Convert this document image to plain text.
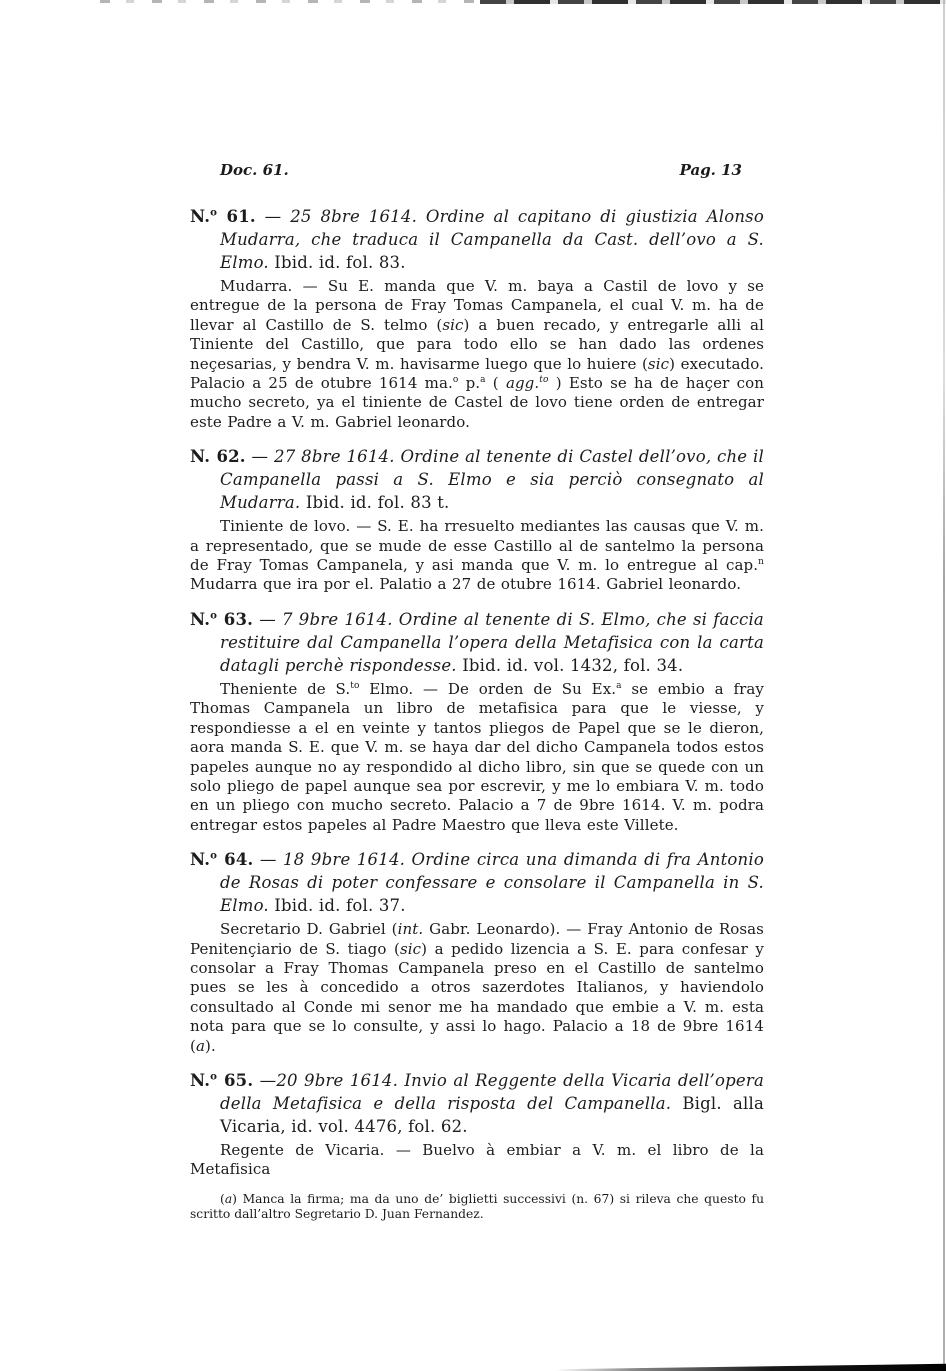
Doc. 61.	Pag. 13

N.$^o$ 61. — 25 8bre 1614. Ordine al capitano di giustizia Alonso Mudarra, che traduca il Campanella da Cast. dell’ovo a S. Elmo. Ibid. id. fol. 83.

Mudarra. — Su E. manda que V. m. baya a Castil de lovo y se entregue de la persona de Fray Tomas Campanela, el cual V. m. ha de llevar al Castillo de S. telmo (sic) a buen recado, y entregarle alli al Tiniente del Castillo, que para todo ello se han dado las ordenes neçesarias, y bendra V. m. havisarme luego que lo huiere (sic) executado. Palacio a 25 de otubre 1614 ma.$^o$ p.$^a$ ( agg.$^{to}$ ) Esto se ha de haçer con mucho secreto, ya el tiniente de Castel de lovo tiene orden de entregar este Padre a V. m. Gabriel leonardo.

N. 62. — 27 8bre 1614. Ordine al tenente di Castel dell’ovo, che il Campanella passi a S. Elmo e sia perciò consegnato al Mudarra. Ibid. id. fol. 83 t.

Tiniente de lovo. — S. E. ha rresuelto mediantes las causas que V. m. a representado, que se mude de esse Castillo al de santelmo la persona de Fray Tomas Campanela, y asi manda que V. m. lo entregue al cap.$^n$ Mudarra que ira por el. Palatio a 27 de otubre 1614. Gabriel leonardo.

N.$^o$ 63. — 7 9bre 1614. Ordine al tenente di S. Elmo, che si faccia restituire dal Campanella l’opera della Metafisica con la carta datagli perchè rispondesse. Ibid. id. vol. 1432, fol. 34.

Theniente de S.$^{to}$ Elmo. — De orden de Su Ex.$^a$ se embio a fray Thomas Campanela un libro de metafisica para que le viesse, y respondiesse a el en veinte y tantos pliegos de Papel que se le dieron, aora manda S. E. que V. m. se haya dar del dicho Campanela todos estos papeles aunque no ay respondido al dicho libro, sin que se quede con un solo pliego de papel aunque sea por escrevir, y me lo embiara V. m. todo en un pliego con mucho secreto. Palacio a 7 de 9bre 1614. V. m. podra entregar estos papeles al Padre Maestro que lleva este Villete.

N.$^o$ 64. — 18 9bre 1614. Ordine circa una dimanda di fra Antonio de Rosas di poter confessare e consolare il Campanella in S. Elmo. Ibid. id. fol. 37.

Secretario D. Gabriel (int. Gabr. Leonardo). — Fray Antonio de Rosas Penitençiario de S. tiago (sic) a pedido lizencia a S. E. para confesar y consolar a Fray Thomas Campanela preso en el Castillo de santelmo pues se les à concedido a otros sazerdotes Italianos, y haviendolo consultado al Conde mi senor me ha mandado que embie a V. m. esta nota para que se lo consulte, y assi lo hago. Palacio a 18 de 9bre 1614 (a).

N.$^o$ 65. —20 9bre 1614. Invio al Reggente della Vicaria dell’opera della Metafisica e della risposta del Campanella. Bigl. alla Vicaria, id. vol. 4476, fol. 62.

Regente de Vicaria. — Buelvo à embiar a V. m. el libro de la Metafisica

(a) Manca la firma; ma da uno de’ biglietti successivi (n. 67) si rileva che questo fu scritto dall’altro Segretario D. Juan Fernandez.
